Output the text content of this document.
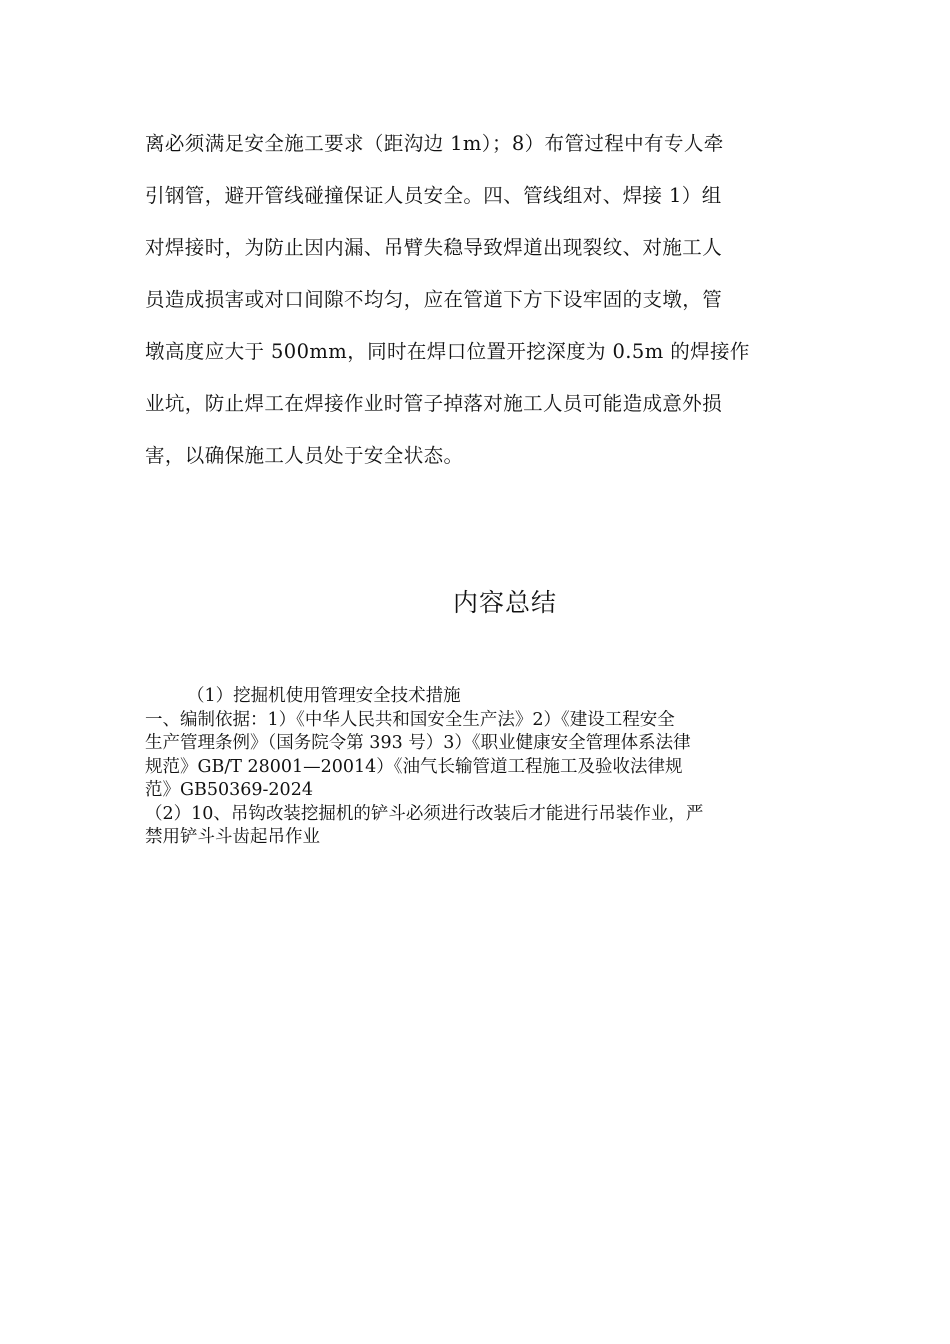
离必须满足安全施工要求（距沟边 1m）；8）布管过程中有专人牵
引钢管，避开管线碰撞保证人员安全。四、管线组对、焊接 1）组
对焊接时，为防止因内漏、吊臂失稳导致焊道出现裂纹、对施工人
员造成损害或对口间隙不均匀，应在管道下方下设牢固的支墩，管
墩高度应大于 500mm，同时在焊口位置开挖深度为 0.5m 的焊接作
业坑，防止焊工在焊接作业时管子掉落对施工人员可能造成意外损
害，以确保施工人员处于安全状态。
内容总结
（1）挖掘机使用管理安全技术措施
一、编制依据：1）《中华人民共和国安全生产法》2）《建设工程安全
生产管理条例》（国务院令第 393 号）3）《职业健康安全管理体系法律
规范》GB/T 28001—20014）《油气长输管道工程施工及验收法律规
范》GB50369-2024
（2）10、吊钩改装挖掘机的铲斗必须进行改装后才能进行吊装作业，严
禁用铲斗斗齿起吊作业
